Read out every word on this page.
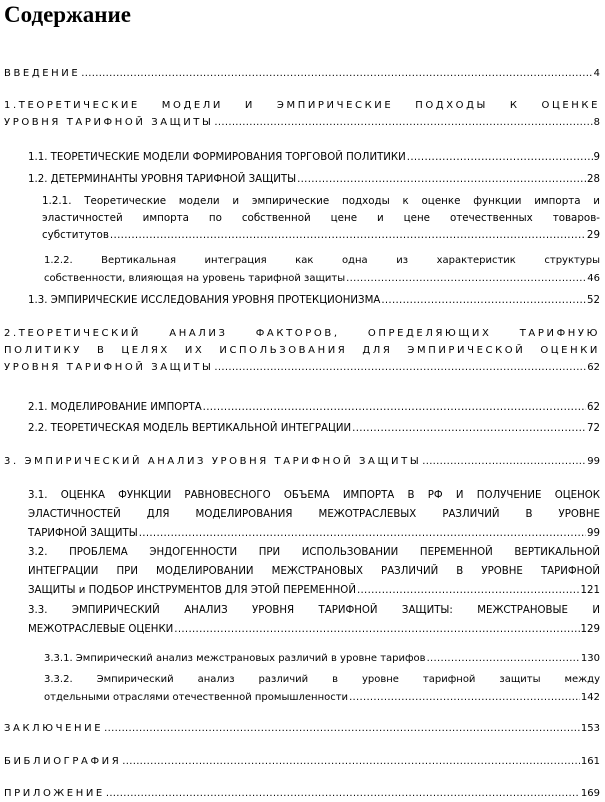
Содержание
ВВЕДЕНИЕ .....	4
1.ТЕОРЕТИЧЕСКИЕ МОДЕЛИ И ЭМПИРИЧЕСКИЕ ПОДХОДЫ К ОЦЕНКЕ
УРОВНЯ ТАРИФНОЙ ЗАЩИТЫ .....	8
1.1. ТЕОРЕТИЧЕСКИЕ МОДЕЛИ ФОРМИРОВАНИЯ ТОРГОВОЙ ПОЛИТИКИ .....	9
1.2. ДЕТЕРМИНАНТЫ УРОВНЯ ТАРИФНОЙ ЗАЩИТЫ .....	28
1.2.1. Теоретические модели и эмпирические подходы к оценке функции импорта и
эластичностей импорта по собственной цене и цене отечественных товаров-
субститутов .....	29
1.2.2. Вертикальная интеграция как одна из характеристик структуры
собственности, влияющая на уровень тарифной защиты .....	46
1.3. ЭМПИРИЧЕСКИЕ ИССЛЕДОВАНИЯ УРОВНЯ ПРОТЕКЦИОНИЗМА .....	52
2.ТЕОРЕТИЧЕСКИЙ АНАЛИЗ ФАКТОРОВ, ОПРЕДЕЛЯЮЩИХ ТАРИФНУЮ
ПОЛИТИКУ В ЦЕЛЯХ ИХ ИСПОЛЬЗОВАНИЯ ДЛЯ ЭМПИРИЧЕСКОЙ ОЦЕНКИ
УРОВНЯ ТАРИФНОЙ ЗАЩИТЫ .....	62
2.1. МОДЕЛИРОВАНИЕ ИМПОРТА .....	62
2.2. ТЕОРЕТИЧЕСКАЯ МОДЕЛЬ ВЕРТИКАЛЬНОЙ ИНТЕГРАЦИИ .....	72
3. ЭМПИРИЧЕСКИЙ АНАЛИЗ УРОВНЯ ТАРИФНОЙ ЗАЩИТЫ .....	99
3.1. ОЦЕНКА ФУНКЦИИ РАВНОВЕСНОГО ОБЪЕМА ИМПОРТА В РФ И ПОЛУЧЕНИЕ ОЦЕНОК
ЭЛАСТИЧНОСТЕЙ ДЛЯ МОДЕЛИРОВАНИЯ МЕЖОТРАСЛЕВЫХ РАЗЛИЧИЙ В УРОВНЕ
ТАРИФНОЙ ЗАЩИТЫ .....	99
3.2. ПРОБЛЕМА ЭНДОГЕННОСТИ ПРИ ИСПОЛЬЗОВАНИИ ПЕРЕМЕННОЙ ВЕРТИКАЛЬНОЙ
ИНТЕГРАЦИИ ПРИ МОДЕЛИРОВАНИИ МЕЖСТРАНОВЫХ РАЗЛИЧИЙ В УРОВНЕ ТАРИФНОЙ
ЗАЩИТЫ и ПОДБОР ИНСТРУМЕНТОВ ДЛЯ ЭТОЙ ПЕРЕМЕННОЙ .....	121
3.3. ЭМПИРИЧЕСКИЙ АНАЛИЗ УРОВНЯ ТАРИФНОЙ ЗАЩИТЫ: МЕЖСТРАНОВЫЕ И
МЕЖОТРАСЛЕВЫЕ ОЦЕНКИ .....	129
3.3.1. Эмпирический анализ межстрановых различий в уровне тарифов .....	130
3.3.2. Эмпирический анализ различий в уровне тарифной защиты между
отдельными отраслями отечественной промышленности .....	142
ЗАКЛЮЧЕНИЕ .....	153
БИБЛИОГРАФИЯ .....	161
ПРИЛОЖЕНИЕ .....	169
